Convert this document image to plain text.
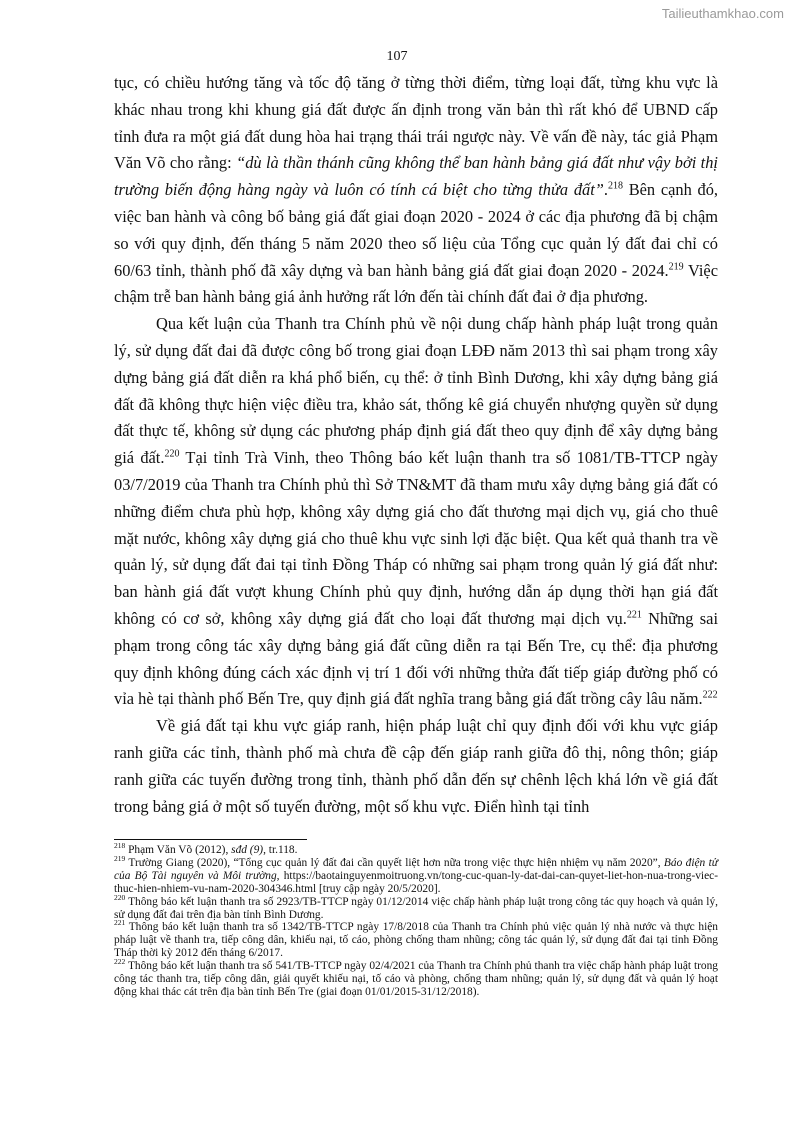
Tailieuthamkhao.com
107

tục, có chiều hướng tăng và tốc độ tăng ở từng thời điểm, từng loại đất, từng khu vực là khác nhau trong khi khung giá đất được ấn định trong văn bản thì rất khó để UBND cấp tỉnh đưa ra một giá đất dung hòa hai trạng thái trái ngược này. Về vấn đề này, tác giả Phạm Văn Võ cho rằng: “dù là thần thánh cũng không thể ban hành bảng giá đất như vậy bởi thị trường biến động hàng ngày và luôn có tính cá biệt cho từng thửa đất”.$^{218}$ Bên cạnh đó, việc ban hành và công bố bảng giá đất giai đoạn 2020 - 2024 ở các địa phương đã bị chậm so với quy định, đến tháng 5 năm 2020 theo số liệu của Tổng cục quản lý đất đai chỉ có 60/63 tỉnh, thành phố đã xây dựng và ban hành bảng giá đất giai đoạn 2020 - 2024.$^{219}$ Việc chậm trễ ban hành bảng giá ảnh hưởng rất lớn đến tài chính đất đai ở địa phương.

Qua kết luận của Thanh tra Chính phủ về nội dung chấp hành pháp luật trong quản lý, sử dụng đất đai đã được công bố trong giai đoạn LĐĐ năm 2013 thì sai phạm trong xây dựng bảng giá đất diễn ra khá phổ biến, cụ thể: ở tỉnh Bình Dương, khi xây dựng bảng giá đất đã không thực hiện việc điều tra, khảo sát, thống kê giá chuyển nhượng quyền sử dụng đất thực tế, không sử dụng các phương pháp định giá đất theo quy định để xây dựng bảng giá đất.$^{220}$ Tại tỉnh Trà Vinh, theo Thông báo kết luận thanh tra số 1081/TB-TTCP ngày 03/7/2019 của Thanh tra Chính phủ thì Sở TN&MT đã tham mưu xây dựng bảng giá đất có những điểm chưa phù hợp, không xây dựng giá cho đất thương mại dịch vụ, giá cho thuê mặt nước, không xây dựng giá cho thuê khu vực sinh lợi đặc biệt. Qua kết quả thanh tra về quản lý, sử dụng đất đai tại tỉnh Đồng Tháp có những sai phạm trong quản lý giá đất như: ban hành giá đất vượt khung Chính phủ quy định, hướng dẫn áp dụng thời hạn giá đất không có cơ sở, không xây dựng giá đất cho loại đất thương mại dịch vụ.$^{221}$ Những sai phạm trong công tác xây dựng bảng giá đất cũng diễn ra tại Bến Tre, cụ thể: địa phương quy định không đúng cách xác định vị trí 1 đối với những thửa đất tiếp giáp đường phố có vỉa hè tại thành phố Bến Tre, quy định giá đất nghĩa trang bằng giá đất trồng cây lâu năm.$^{222}$

Về giá đất tại khu vực giáp ranh, hiện pháp luật chỉ quy định đối với khu vực giáp ranh giữa các tỉnh, thành phố mà chưa đề cập đến giáp ranh giữa đô thị, nông thôn; giáp ranh giữa các tuyến đường trong tỉnh, thành phố dẫn đến sự chênh lệch khá lớn về giá đất trong bảng giá ở một số tuyến đường, một số khu vực. Điển hình tại tỉnh

$^{218}$ Phạm Văn Võ (2012), sđd (9), tr.118.

$^{219}$ Trường Giang (2020), “Tổng cục quản lý đất đai cần quyết liệt hơn nữa trong việc thực hiện nhiệm vụ năm 2020”, Báo điện tử của Bộ Tài nguyên và Môi trường, https://baotainguyenmoitruong.vn/tong-cuc-quan-ly-dat-dai-can-quyet-liet-hon-nua-trong-viec-thuc-hien-nhiem-vu-nam-2020-304346.html [truy cập ngày 20/5/2020].

$^{220}$ Thông báo kết luận thanh tra số 2923/TB-TTCP ngày 01/12/2014 việc chấp hành pháp luật trong công tác quy hoạch và quản lý, sử dụng đất đai trên địa bàn tỉnh Bình Dương.

$^{221}$ Thông báo kết luận thanh tra số 1342/TB-TTCP ngày 17/8/2018 của Thanh tra Chính phủ việc quản lý nhà nước và thực hiện pháp luật về thanh tra, tiếp công dân, khiếu nại, tố cáo, phòng chống tham nhũng; công tác quản lý, sử dụng đất đai tại tỉnh Đồng Tháp thời kỳ 2012 đến tháng 6/2017.

$^{222}$ Thông báo kết luận thanh tra số 541/TB-TTCP ngày 02/4/2021 của Thanh tra Chính phủ thanh tra việc chấp hành pháp luật trong công tác thanh tra, tiếp công dân, giải quyết khiếu nại, tố cáo và phòng, chống tham nhũng; quản lý, sử dụng đất và quản lý hoạt động khai thác cát trên địa bàn tỉnh Bến Tre (giai đoạn 01/01/2015-31/12/2018).
